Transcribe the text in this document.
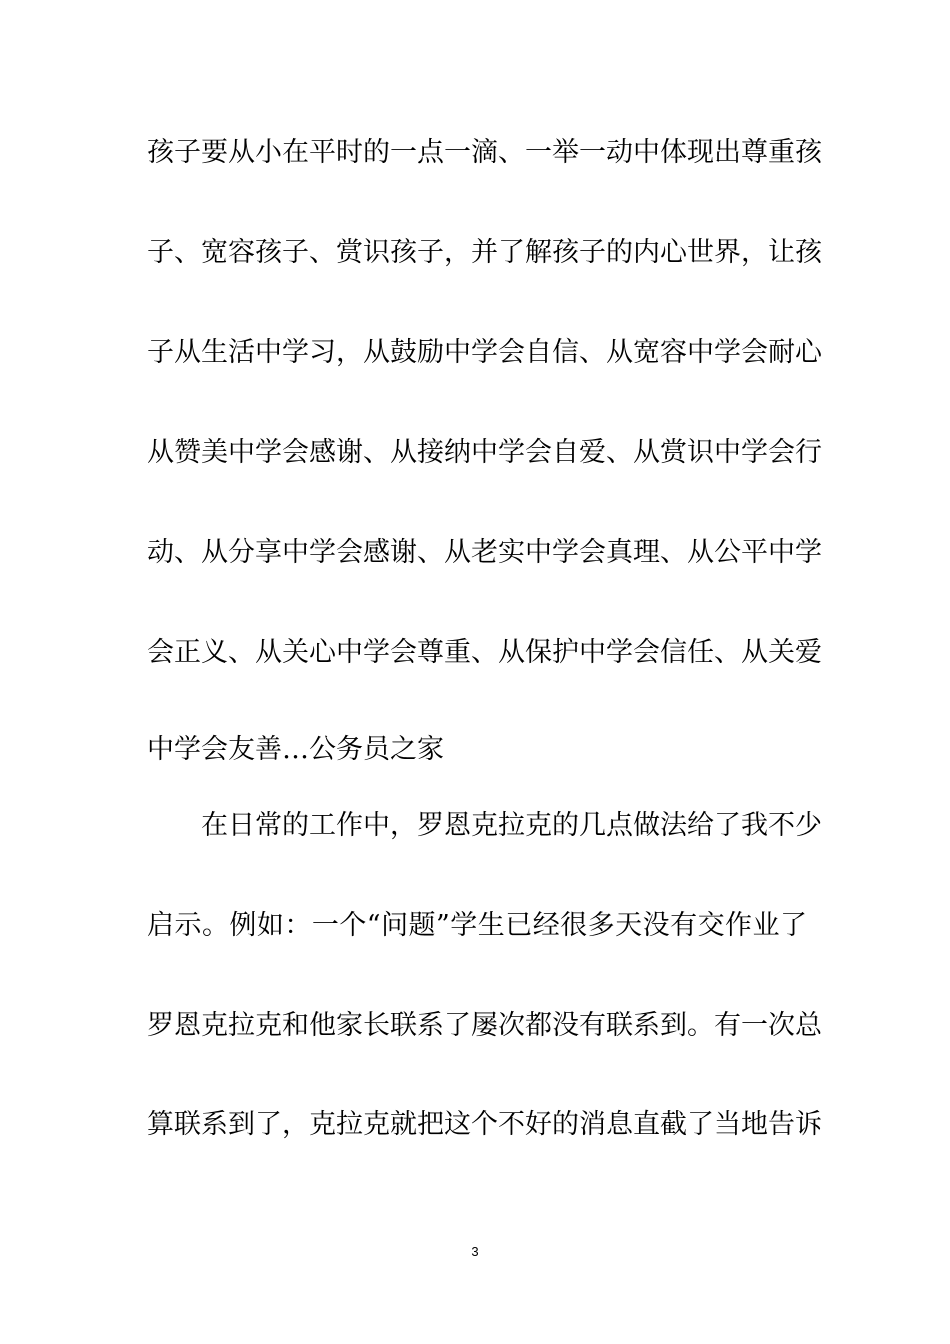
孩子要从小在平时的一点一滴、一举一动中体现出尊重孩
子、宽容孩子、赏识孩子，并了解孩子的内心世界，让孩
子从生活中学习，从鼓励中学会自信、从宽容中学会耐心
从赞美中学会感谢、从接纳中学会自爱、从赏识中学会行
动、从分享中学会感谢、从老实中学会真理、从公平中学
会正义、从关心中学会尊重、从保护中学会信任、从关爱
中学会友善…公务员之家
在日常的工作中，罗恩克拉克的几点做法给了我不少
启示。例如：一个“问题”学生已经很多天没有交作业了
罗恩克拉克和他家长联系了屡次都没有联系到。有一次总
算联系到了，克拉克就把这个不好的消息直截了当地告诉
3
